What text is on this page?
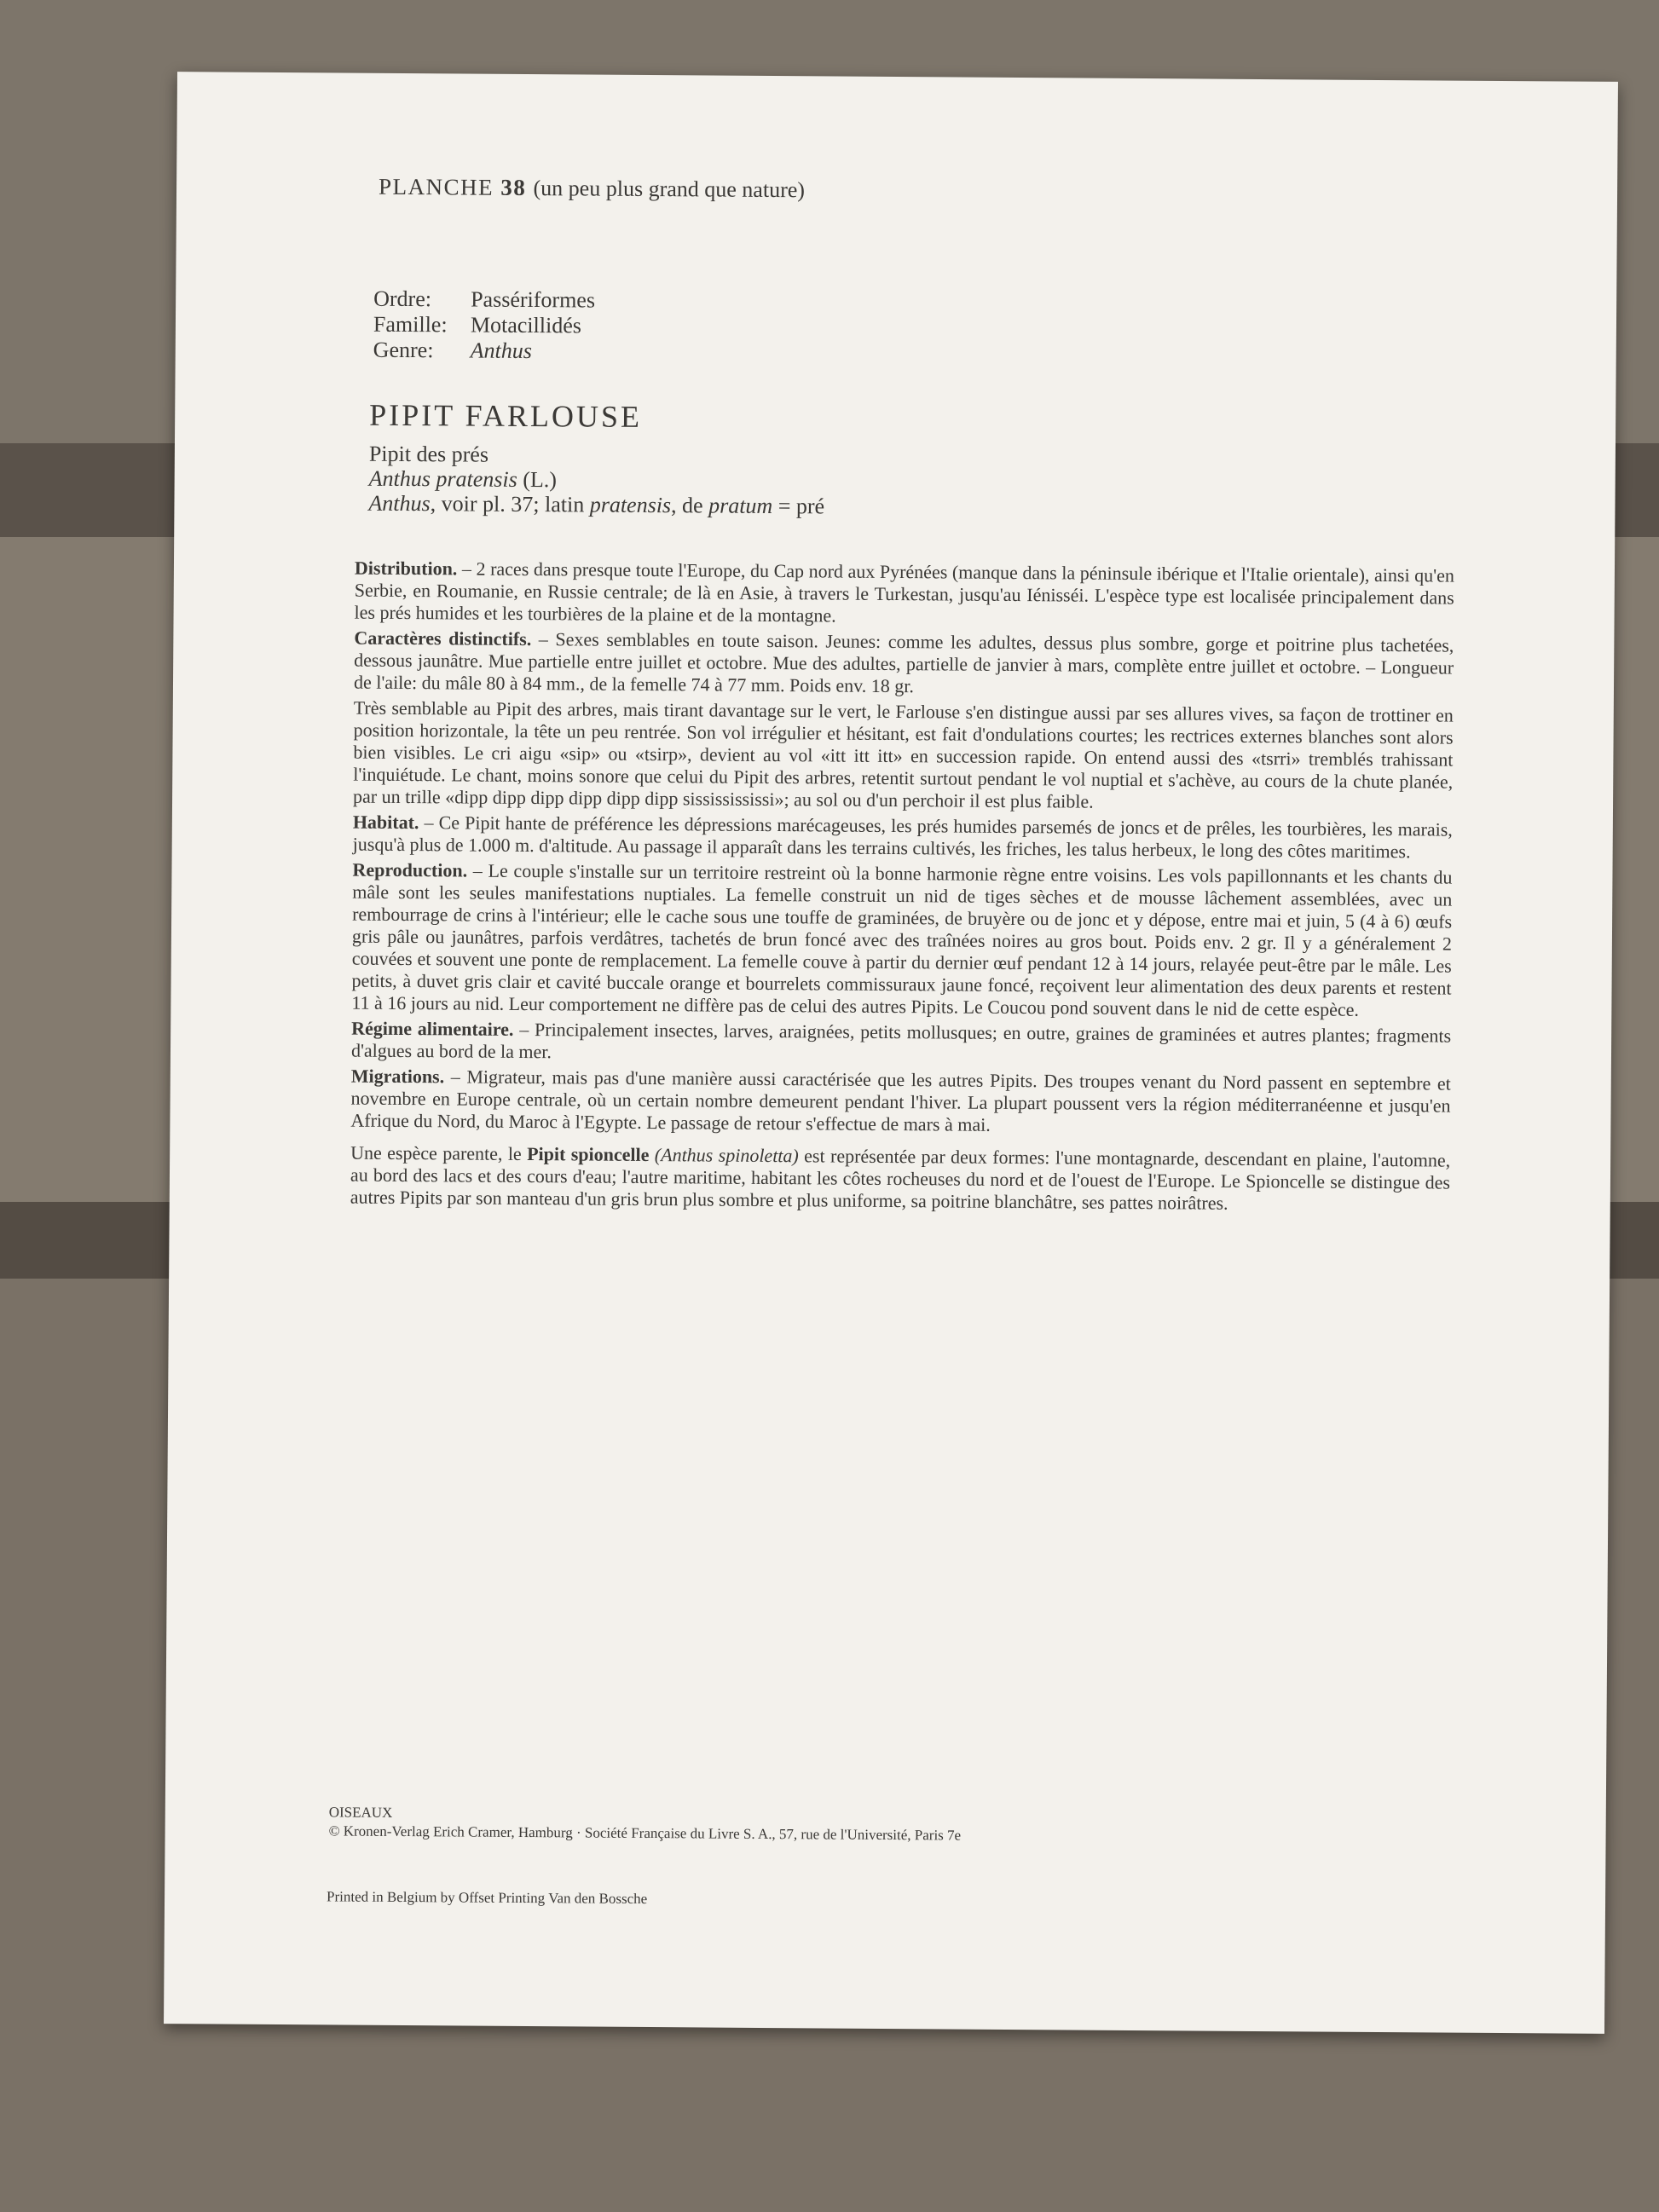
PLANCHE 38 (un peu plus grand que nature)
Ordre:	Passériformes
Famille:	Motacillidés
Genre:	Anthus
PIPIT FARLOUSE
Pipit des prés
Anthus pratensis (L.)
Anthus, voir pl. 37; latin pratensis, de pratum = pré

Distribution. – 2 races dans presque toute l'Europe, du Cap nord aux Pyrénées (manque dans la péninsule ibérique et l'Italie orientale), ainsi qu'en Serbie, en Roumanie, en Russie centrale; de là en Asie, à travers le Turkestan, jusqu'au Iénisséi. L'espèce type est localisée principalement dans les prés humides et les tourbières de la plaine et de la montagne.

Caractères distinctifs. – Sexes semblables en toute saison. Jeunes: comme les adultes, dessus plus sombre, gorge et poitrine plus tachetées, dessous jaunâtre. Mue partielle entre juillet et octobre. Mue des adultes, partielle de janvier à mars, complète entre juillet et octobre. – Longueur de l'aile: du mâle 80 à 84 mm., de la femelle 74 à 77 mm. Poids env. 18 gr.

Très semblable au Pipit des arbres, mais tirant davantage sur le vert, le Farlouse s'en distingue aussi par ses allures vives, sa façon de trottiner en position horizontale, la tête un peu rentrée. Son vol irrégulier et hésitant, est fait d'ondulations courtes; les rectrices externes blanches sont alors bien visibles. Le cri aigu «sip» ou «tsirp», devient au vol «itt itt itt» en succession rapide. On entend aussi des «tsrri» tremblés trahissant l'inquiétude. Le chant, moins sonore que celui du Pipit des arbres, retentit surtout pendant le vol nuptial et s'achève, au cours de la chute planée, par un trille «dipp dipp dipp dipp dipp dipp sississississi»; au sol ou d'un perchoir il est plus faible.

Habitat. – Ce Pipit hante de préférence les dépressions marécageuses, les prés humides parsemés de joncs et de prêles, les tourbières, les marais, jusqu'à plus de 1.000 m. d'altitude. Au passage il apparaît dans les terrains cultivés, les friches, les talus herbeux, le long des côtes maritimes.

Reproduction. – Le couple s'installe sur un territoire restreint où la bonne harmonie règne entre voisins. Les vols papillonnants et les chants du mâle sont les seules manifestations nuptiales. La femelle construit un nid de tiges sèches et de mousse lâchement assemblées, avec un rembourrage de crins à l'intérieur; elle le cache sous une touffe de graminées, de bruyère ou de jonc et y dépose, entre mai et juin, 5 (4 à 6) œufs gris pâle ou jaunâtres, parfois verdâtres, tachetés de brun foncé avec des traînées noires au gros bout. Poids env. 2 gr. Il y a généralement 2 couvées et souvent une ponte de remplacement. La femelle couve à partir du dernier œuf pendant 12 à 14 jours, relayée peut-être par le mâle. Les petits, à duvet gris clair et cavité buccale orange et bourrelets commissuraux jaune foncé, reçoivent leur alimentation des deux parents et restent 11 à 16 jours au nid. Leur comportement ne diffère pas de celui des autres Pipits. Le Coucou pond souvent dans le nid de cette espèce.

Régime alimentaire. – Principalement insectes, larves, araignées, petits mollusques; en outre, graines de graminées et autres plantes; fragments d'algues au bord de la mer.

Migrations. – Migrateur, mais pas d'une manière aussi caractérisée que les autres Pipits. Des troupes venant du Nord passent en septembre et novembre en Europe centrale, où un certain nombre demeurent pendant l'hiver. La plupart poussent vers la région méditerranéenne et jusqu'en Afrique du Nord, du Maroc à l'Egypte. Le passage de retour s'effectue de mars à mai.

Une espèce parente, le Pipit spioncelle (Anthus spinoletta) est représentée par deux formes: l'une montagnarde, descendant en plaine, l'automne, au bord des lacs et des cours d'eau; l'autre maritime, habitant les côtes rocheuses du nord et de l'ouest de l'Europe. Le Spioncelle se distingue des autres Pipits par son manteau d'un gris brun plus sombre et plus uniforme, sa poitrine blanchâtre, ses pattes noirâtres.

OISEAUX
© Kronen-Verlag Erich Cramer, Hamburg · Société Française du Livre S. A., 57, rue de l'Université, Paris 7e
Printed in Belgium by Offset Printing Van den Bossche
